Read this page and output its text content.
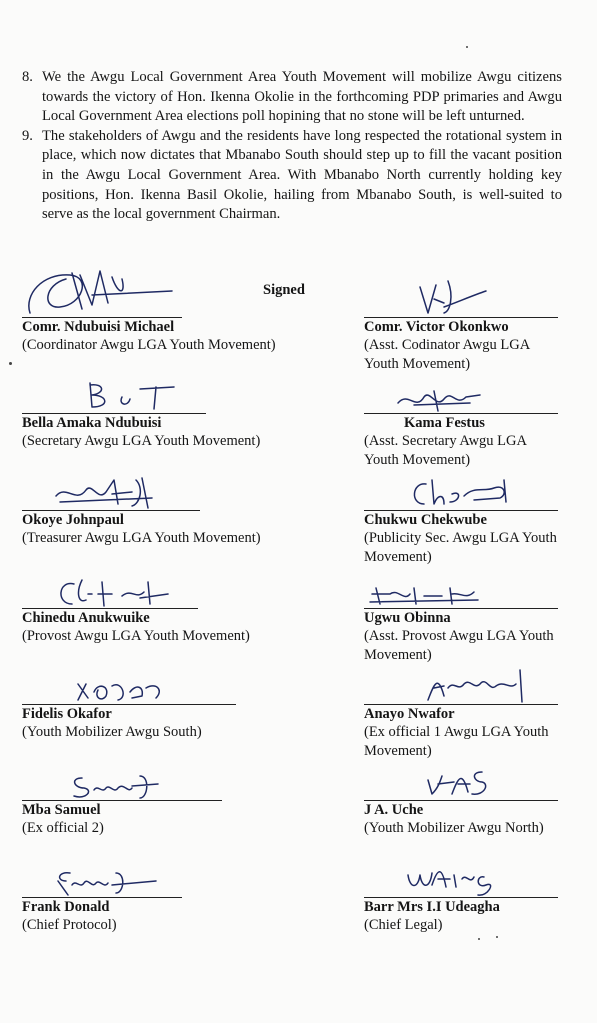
8. We the Awgu Local Government Area Youth Movement will mobilize Awgu citizens towards the victory of Hon. Ikenna Okolie in the forthcoming PDP primaries and Awgu Local Government Area elections poll hopining that no stone will be left unturned.
9. The stakeholders of Awgu and the residents have long respected the rotational system in place, which now dictates that Mbanabo South should step up to fill the vacant position in the Awgu Local Government Area. With Mbanabo North currently holding key positions, Hon. Ikenna Basil Okolie, hailing from Mbanabo South, is well-suited to serve as the local government Chairman.
Signed
Comr. Ndubuisi Michael
(Coordinator Awgu LGA Youth Movement)
Comr. Victor Okonkwo
(Asst. Codinator Awgu LGA Youth Movement)
Bella Amaka Ndubuisi
(Secretary Awgu LGA Youth Movement)
Kama Festus
(Asst. Secretary Awgu LGA Youth Movement)
Okoye Johnpaul
(Treasurer Awgu LGA Youth Movement)
Chukwu Chekwube
(Publicity Sec. Awgu LGA Youth Movement)
Chinedu Anukwuike
(Provost Awgu LGA Youth Movement)
Ugwu Obinna
(Asst. Provost Awgu LGA Youth Movement)
Fidelis Okafor
(Youth Mobilizer Awgu South)
Anayo Nwafor
(Ex official 1 Awgu LGA Youth Movement)
Mba Samuel
(Ex official 2)
J A. Uche
(Youth Mobilizer Awgu North)
Frank Donald
(Chief Protocol)
Barr Mrs I.I Udeagha
(Chief Legal)
